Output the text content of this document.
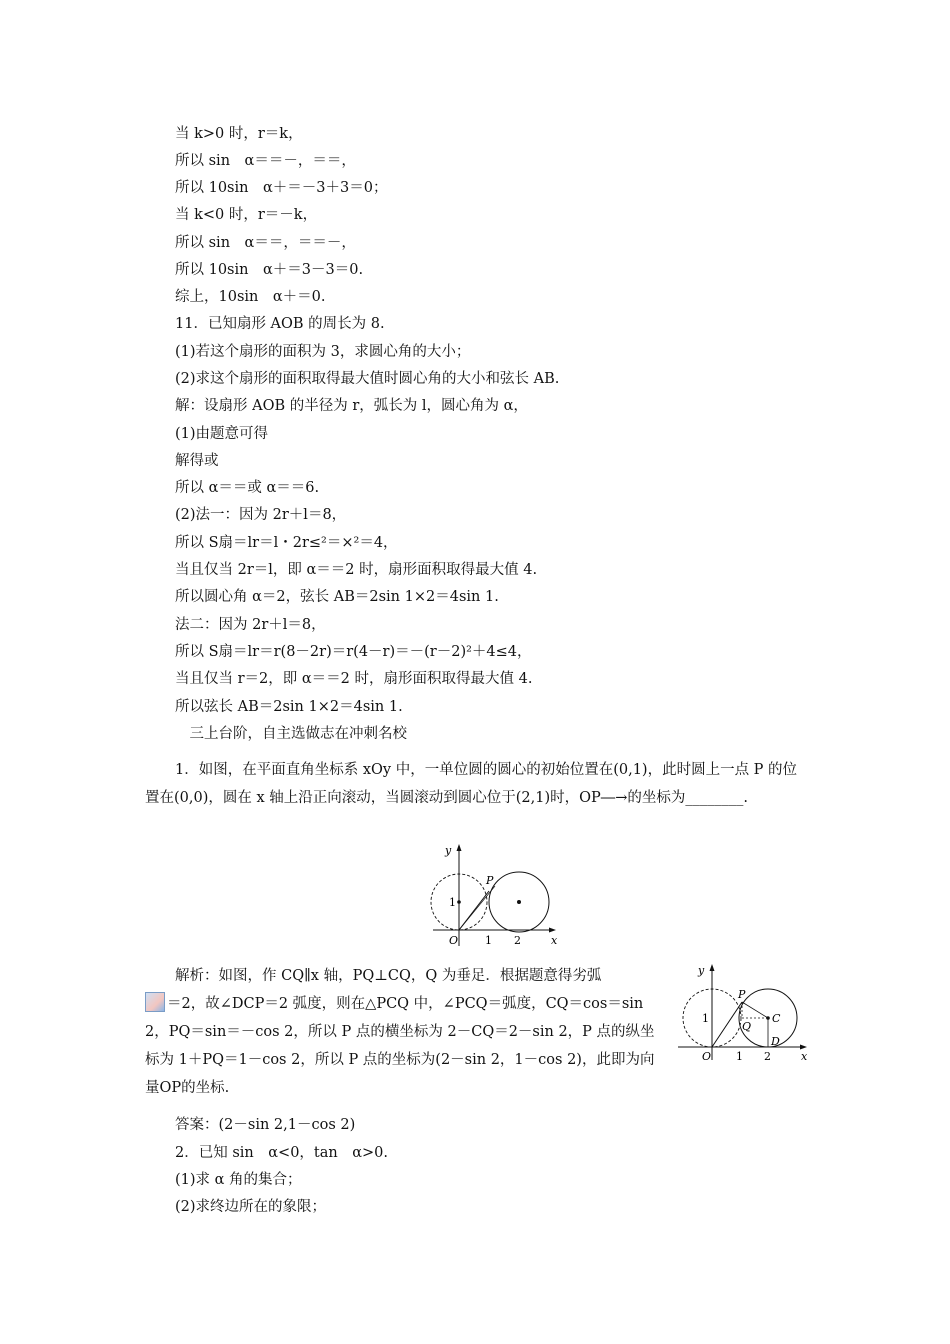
当 k>0 时，r＝k，
所以 sin　α＝＝－，＝＝，
所以 10sin　α＋＝－3＋3＝0；
当 k<0 时，r＝－k，
所以 sin　α＝＝，＝＝－，
所以 10sin　α＋＝3－3＝0.
综上，10sin　α＋＝0.
11．已知扇形 AOB 的周长为 8.
(1)若这个扇形的面积为 3，求圆心角的大小；
(2)求这个扇形的面积取得最大值时圆心角的大小和弦长 AB.
解：设扇形 AOB 的半径为 r，弧长为 l，圆心角为 α，
(1)由题意可得
解得或
所以 α＝＝或 α＝＝6.
(2)法一：因为 2r＋l＝8，
所以 S扇＝lr＝l・2r≤²＝×²＝4，
当且仅当 2r＝l，即 α＝＝2 时，扇形面积取得最大值 4.
所以圆心角 α＝2，弦长 AB＝2sin 1×2＝4sin 1.
法二：因为 2r＋l＝8，
所以 S扇＝lr＝r(8－2r)＝r(4－r)＝－(r－2)²＋4≤4，
当且仅当 r＝2，即 α＝＝2 时，扇形面积取得最大值 4.
所以弦长 AB＝2sin 1×2＝4sin 1.
　三上台阶，自主选做志在冲刺名校
1．如图，在平面直角坐标系 xOy 中，一单位圆的圆心的初始位置在(0,1)，此时圆上一点 P 的位置在(0,0)，圆在 x 轴上沿正向滚动，当圆滚动到圆心位于(2,1)时，OP―→的坐标为________.
y
x
O 1 2
1
P
解析：如图，作 CQ∥x 轴，PQ⊥CQ，Q 为垂足．根据题意得劣弧
＝2，故∠DCP＝2 弧度，则在△PCQ 中，∠PCQ＝弧度，CQ＝cos＝sin 2，PQ＝sin＝－cos 2，所以 P 点的横坐标为 2－CQ＝2－sin 2，P 点的纵坐标为 1＋PQ＝1－cos 2，所以 P 点的坐标为(2－sin 2，1－cos 2)，此即为向量OP的坐标.
y
x
O 1 2
1
P
Q
C
D
答案：(2－sin 2,1－cos 2)
2．已知 sin　α<0，tan　α>0.
(1)求 α 角的集合；
(2)求终边所在的象限；
